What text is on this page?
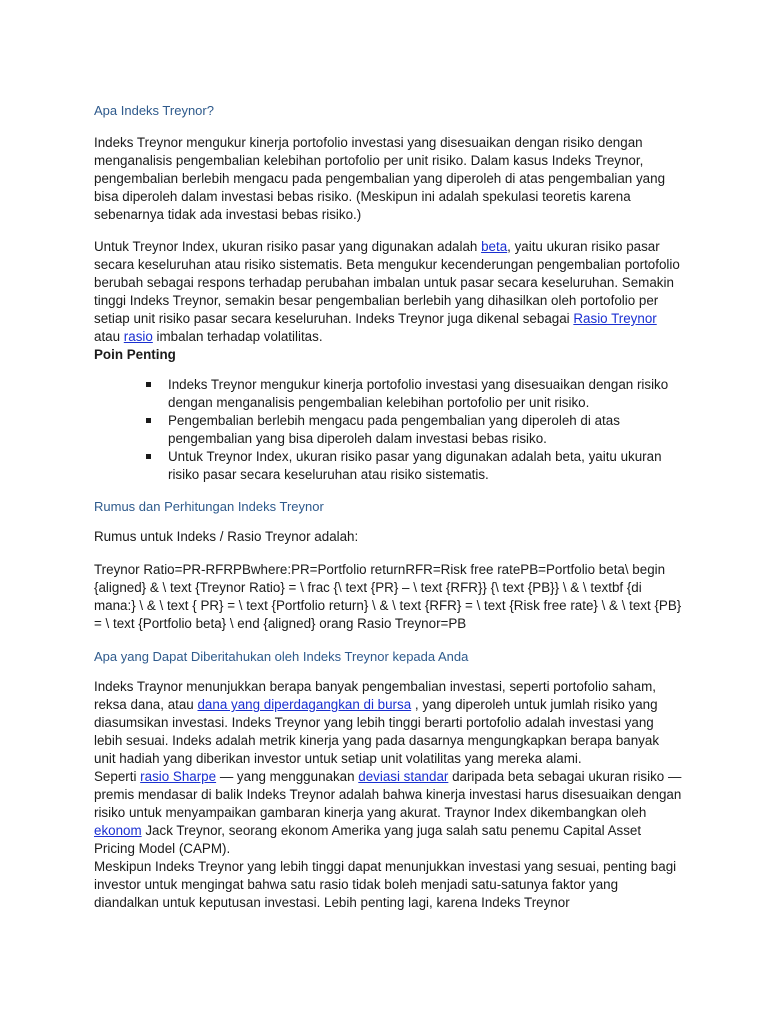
Apa Indeks Treynor?

Indeks Treynor mengukur kinerja portofolio investasi yang disesuaikan dengan risiko dengan menganalisis pengembalian kelebihan portofolio per unit risiko. Dalam kasus Indeks Treynor, pengembalian berlebih mengacu pada pengembalian yang diperoleh di atas pengembalian yang bisa diperoleh dalam investasi bebas risiko. (Meskipun ini adalah spekulasi teoretis karena sebenarnya tidak ada investasi bebas risiko.)

Untuk Treynor Index, ukuran risiko pasar yang digunakan adalah beta, yaitu ukuran risiko pasar secara keseluruhan atau risiko sistematis. Beta mengukur kecenderungan pengembalian portofolio berubah sebagai respons terhadap perubahan imbalan untuk pasar secara keseluruhan. Semakin tinggi Indeks Treynor, semakin besar pengembalian berlebih yang dihasilkan oleh portofolio per setiap unit risiko pasar secara keseluruhan. Indeks Treynor juga dikenal sebagai Rasio Treynor atau rasio imbalan terhadap volatilitas.

Poin Penting

Indeks Treynor mengukur kinerja portofolio investasi yang disesuaikan dengan risiko dengan menganalisis pengembalian kelebihan portofolio per unit risiko.
Pengembalian berlebih mengacu pada pengembalian yang diperoleh di atas pengembalian yang bisa diperoleh dalam investasi bebas risiko.
Untuk Treynor Index, ukuran risiko pasar yang digunakan adalah beta, yaitu ukuran risiko pasar secara keseluruhan atau risiko sistematis.

Rumus dan Perhitungan Indeks Treynor

Rumus untuk Indeks / Rasio Treynor adalah:

Treynor Ratio=PR-RFRPBwhere:PR=Portfolio returnRFR=Risk free ratePB=Portfolio beta\ begin {aligned} & \ text {Treynor Ratio} = \ frac {\ text {PR} – \ text {RFR}} {\ text {PB}} \ & \ textbf {di mana:} \ & \ text { PR} = \ text {Portfolio return} \ & \ text {RFR} = \ text {Risk free rate} \ & \ text {PB} = \ text {Portfolio beta} \ end {aligned} orang Rasio Treynor=PB

Apa yang Dapat Diberitahukan oleh Indeks Treynor kepada Anda

Indeks Traynor menunjukkan berapa banyak pengembalian investasi, seperti portofolio saham, reksa dana, atau dana yang diperdagangkan di bursa , yang diperoleh untuk jumlah risiko yang diasumsikan investasi. Indeks Treynor yang lebih tinggi berarti portofolio adalah investasi yang lebih sesuai. Indeks adalah metrik kinerja yang pada dasarnya mengungkapkan berapa banyak unit hadiah yang diberikan investor untuk setiap unit volatilitas yang mereka alami.

Seperti rasio Sharpe — yang menggunakan deviasi standar daripada beta sebagai ukuran risiko — premis mendasar di balik Indeks Treynor adalah bahwa kinerja investasi harus disesuaikan dengan risiko untuk menyampaikan gambaran kinerja yang akurat. Traynor Index dikembangkan oleh ekonom Jack Treynor, seorang ekonom Amerika yang juga salah satu penemu Capital Asset Pricing Model (CAPM).

Meskipun Indeks Treynor yang lebih tinggi dapat menunjukkan investasi yang sesuai, penting bagi investor untuk mengingat bahwa satu rasio tidak boleh menjadi satu-satunya faktor yang diandalkan untuk keputusan investasi. Lebih penting lagi, karena Indeks Treynor
